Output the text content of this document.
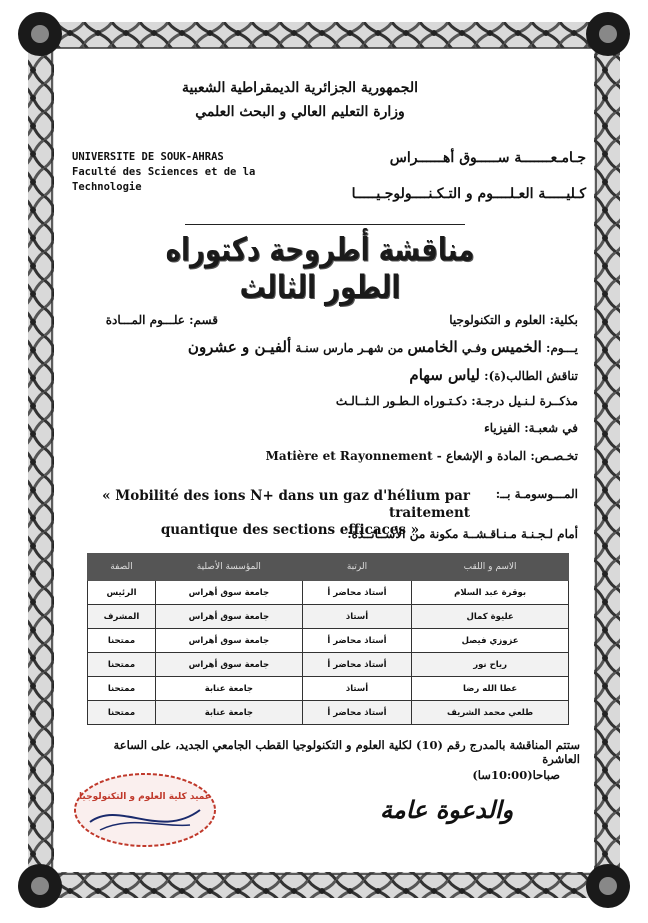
الجمهورية الجزائرية الديمقراطية الشعبية
وزارة التعليم العالي و البحث العلمي
UNIVERSITE DE SOUK-AHRAS
Faculté des Sciences et de la
Technologie
جـامـعـــــــة ســـــوق أهــــــراس
كـليـــــة العـلــــوم و التـكـنــــولوجـيـــــا
مناقشة أطروحة دكتوراه الطور الثالث
بكلية: العلوم و التكنولوجيا
قسم: علـــوم المـــادة
يـــوم: الخميس وفـي الخامس من شهـر مارس سنـة ألفيـن و عشرون
تناقش الطالب(ة): لياس سهام
مذكــرة لـنـيل درجـة: دكـتـوراه الـطـور الـثــالـث
في شعبـة: الفيزياء
تخـصـص: المادة و الإشعاع - Matière et Rayonnement
المـــوسومـة بــ:
« Mobilité des ions N+ dans un gaz d'hélium par traitement
quantique des sections efficaces »
أمام لـجـنـة مـنـاقـشــة مكونة من الأســاتــذة:
الاسم و اللقب	الرتبة	المؤسسة الأصلية	الصفة
بوقرة عبد السلام	أستاذ محاضر أ	جامعة سوق أهراس	الرئيس
عليوة كمال	أستاذ	جامعة سوق أهراس	المشرف
عزوزي فيصل	أستاذ محاضر أ	جامعة سوق أهراس	ممتحنا
رياح نور	أستاذ محاضر أ	جامعة سوق أهراس	ممتحنا
عطا الله رضا	أستاذ	جامعة عنابة	ممتحنا
طلعي محمد الشريف	أستاذ محاضر أ	جامعة عنابة	ممتحنا
ستتم المناقشة بالمدرج رقم (10) لكلية العلوم و التكنولوجيا القطب الجامعي الجديد، على الساعة العاشرة
صباحا(10:00سا)
عميد كلية العلوم و التكنولوجيا	والدعوة عامة
